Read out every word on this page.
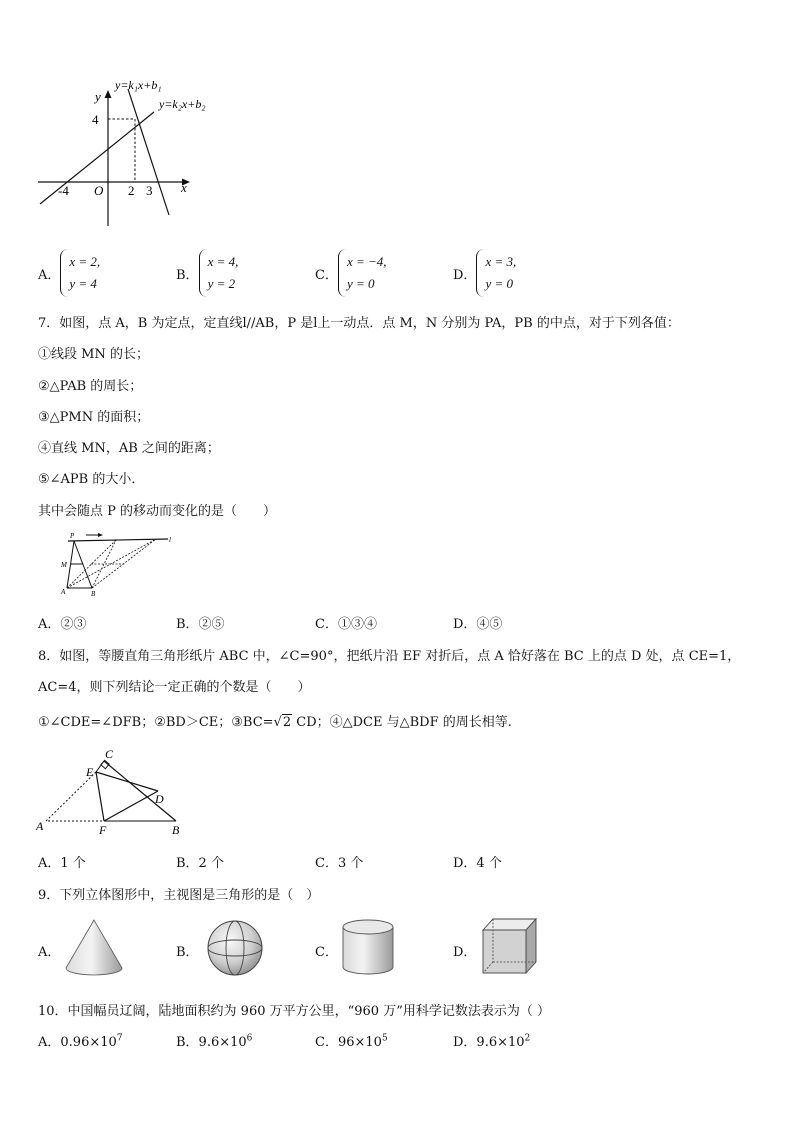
y=k₁x+b₁
y=k₂x+b₂
y
x
4
-4 O 2 3
A．x = 2,
y = 4
B．x = 4,
y = 2
C．x = −4,
y = 0
D．x = 3,
y = 0
7．如图，点 A，B 为定点，定直线l//AB，P 是l上一动点．点 M，N 分别为 PA，PB 的中点，对于下列各值：
①线段 MN 的长；
②△PAB 的周长；
③△PMN 的面积；
④直线 MN，AB 之间的距离；
⑤∠APB 的大小．
其中会随点 P 的移动而变化的是（　　）
P
M
A	B
l
A．②③	B．②⑤	C．①③④	D．④⑤
8．如图，等腰直角三角形纸片 ABC 中，∠C=90°，把纸片沿 EF 对折后，点 A 恰好落在 BC 上的点 D 处，点 CE=1，
AC=4，则下列结论一定正确的个数是（　　）
①∠CDE=∠DFB；②BD＞CE；③BC=√2 CD；④△DCE 与△BDF 的周长相等.
C
E
D
A	F	B
A．1 个	B．2 个	C．3 个	D．4 个
9．下列立体图形中，主视图是三角形的是（　）
A．	B．	C．	D．
10．中国幅员辽阔，陆地面积约为 960 万平方公里，“960 万”用科学记数法表示为（ ）
A．$0.96\times 10^7$	B．$9.6\times 10^6$	C．$96\times 10^5$	D．$9.6\times 10^2$
